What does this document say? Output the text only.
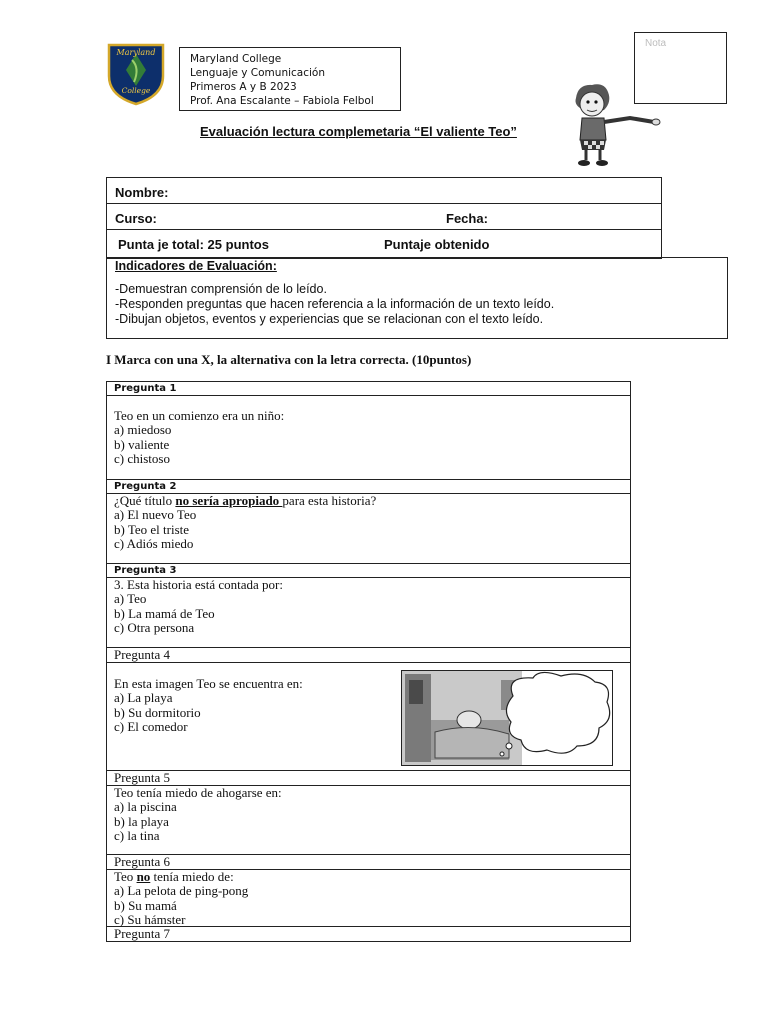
Maryland
College
Maryland College
Lenguaje y Comunicación
Primeros A y B 2023
Prof. Ana Escalante – Fabiola Felbol
Nota
Evaluación lectura complemetaria “El valiente Teo”
Nombre:
Curso:	Fecha:
Punta je total: 25 puntos	Puntaje obtenido
Indicadores de Evaluación:
-Demuestran comprensión de lo leído.
-Responden preguntas que hacen referencia a la información de un texto leído.
-Dibujan objetos, eventos y experiencias que se relacionan con el texto leído.
I Marca con una X, la alternativa con la letra correcta. (10puntos)
Pregunta 1
Teo en un comienzo era un niño:
a) miedoso
b) valiente
c) chistoso
Pregunta 2
¿Qué título no sería apropiado para esta historia?
a) El nuevo Teo
b) Teo el triste
c) Adiós miedo
Pregunta 3
3. Esta historia está contada por:
a) Teo
b) La mamá de Teo
c) Otra persona
Pregunta 4
En esta imagen Teo se encuentra en:
a) La playa
b) Su dormitorio
c) El comedor
Pregunta 5
Teo tenía miedo de ahogarse en:
a) la piscina
b) la playa
c) la tina
Pregunta 6
Teo no tenía miedo de:
a) La pelota de ping-pong
b) Su mamá
c) Su hámster
Pregunta 7
